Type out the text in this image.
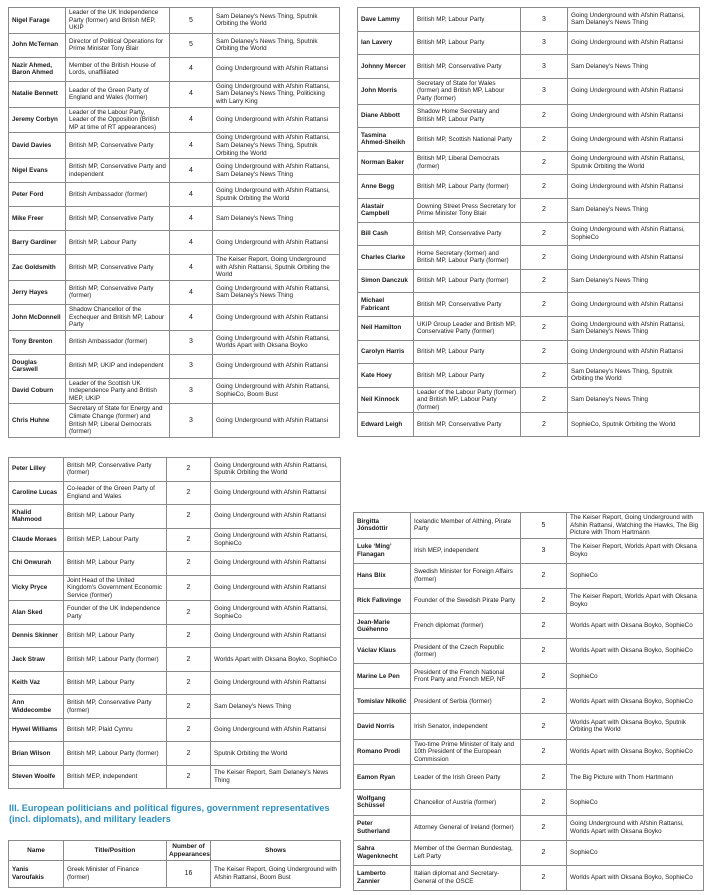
Nigel Farage	Leader of the UK Independence Party (former) and British MEP, UKIP	5	Sam Delaney's News Thing, Sputnik Orbiting the World
John McTernan	Director of Political Operations for Prime Minister Tony Blair	5	Sam Delaney's News Thing, Sputnik Orbiting the World
Nazir Ahmed, Baron Ahmed	Member of the British House of Lords, unaffiliated	4	Going Underground with Afshin Rattansi
Natalie Bennett	Leader of the Green Party of England and Wales (former)	4	Going Underground with Afshin Rattansi, Sam Delaney's News Thing, Politicking with Larry King
Jeremy Corbyn	Leader of the Labour Party, Leader of the Opposition (British MP at time of RT appearances)	4	Going Underground with Afshin Rattansi
David Davies	British MP, Conservative Party	4	Going Underground with Afshin Rattansi, Sam Delaney's News Thing, Sputnik Orbiting the World
Nigel Evans	British MP, Conservative Party and independent	4	Going Underground with Afshin Rattansi, Sam Delaney's News Thing
Peter Ford	British Ambassador (former)	4	Going Underground with Afshin Rattansi, Sputnik Orbiting the World
Mike Freer	British MP, Conservative Party	4	Sam Delaney's News Thing
Barry Gardiner	British MP, Labour Party	4	Going Underground with Afshin Rattansi
Zac Goldsmith	British MP, Conservative Party	4	The Keiser Report, Going Underground with Afshin Rattansi, Sputnik Orbiting the World
Jerry Hayes	British MP, Conservative Party (former)	4	Going Underground with Afshin Rattansi, Sam Delaney's News Thing
John McDonnell	Shadow Chancellor of the Exchequer and British MP, Labour Party	4	Going Underground with Afshin Rattansi
Tony Brenton	British Ambassador (former)	3	Going Underground with Afshin Rattansi, Worlds Apart with Oksana Boyko
Douglas Carswell	British MP, UKIP and independent	3	Going Underground with Afshin Rattansi
David Coburn	Leader of the Scottish UK Independence Party and British MEP, UKIP	3	Going Underground with Afshin Rattansi, SophieCo, Boom Bust
Chris Huhne	Secretary of State for Energy and Climate Change (former) and British MP, Liberal Democrats (former)	3	Going Underground with Afshin Rattansi
Dave Lammy	British MP, Labour Party	3	Going Underground with Afshin Rattansi, Sam Delaney's News Thing
Ian Lavery	British MP, Labour Party	3	Going Underground with Afshin Rattansi
Johnny Mercer	British MP, Conservative Party	3	Sam Delaney's News Thing
John Morris	Secretary of State for Wales (former) and British MP, Labour Party (former)	3	Going Underground with Afshin Rattansi
Diane Abbott	Shadow Home Secretary and British MP, Labour Party	2	Going Underground with Afshin Rattansi
Tasmina Ahmed-Sheikh	British MP, Scottish National Party	2	Going Underground with Afshin Rattansi
Norman Baker	British MP, Liberal Democrats (former)	2	Going Underground with Afshin Rattansi, Sputnik Orbiting the World
Anne Begg	British MP, Labour Party (former)	2	Going Underground with Afshin Rattansi
Alastair Campbell	Downing Street Press Secretary for Prime Minister Tony Blair	2	Sam Delaney's News Thing
Bill Cash	British MP, Conservative Party	2	Going Underground with Afshin Rattansi, SophieCo
Charles Clarke	Home Secretary (former) and British MP, Labour Party (former)	2	Going Underground with Afshin Rattansi
Simon Danczuk	British MP, Labour Party (former)	2	Sam Delaney's News Thing
Michael Fabricant	British MP, Conservative Party	2	Going Underground with Afshin Rattansi
Neil Hamilton	UKIP Group Leader and British MP, Conservative Party (former)	2	Going Underground with Afshin Rattansi, Sam Delaney's News Thing
Carolyn Harris	British MP, Labour Party	2	Going Underground with Afshin Rattansi
Kate Hoey	British MP, Labour Party	2	Sam Delaney's News Thing, Sputnik Orbiting the World
Neil Kinnock	Leader of the Labour Party (former) and British MP, Labour Party (former)	2	Sam Delaney's News Thing
Edward Leigh	British MP, Conservative Party	2	SophieCo, Sputnik Orbiting the World
Peter Lilley	British MP, Conservative Party (former)	2	Going Underground with Afshin Rattansi, Sputnik Orbiting the World
Caroline Lucas	Co-leader of the Green Party of England and Wales	2	Going Underground with Afshin Rattansi
Khalid Mahmood	British MP, Labour Party	2	Going Underground with Afshin Rattansi
Claude Moraes	British MEP, Labour Party	2	Going Underground with Afshin Rattansi, SophieCo
Chi Onwurah	British MP, Labour Party	2	Going Underground with Afshin Rattansi
Vicky Pryce	Joint Head of the United Kingdom's Government Economic Service (former)	2	Going Underground with Afshin Rattansi
Alan Sked	Founder of the UK Independence Party	2	Going Underground with Afshin Rattansi, SophieCo
Dennis Skinner	British MP, Labour Party	2	Going Underground with Afshin Rattansi
Jack Straw	British MP, Labour Party (former)	2	Worlds Apart with Oksana Boyko, SophieCo
Keith Vaz	British MP, Labour Party	2	Going Underground with Afshin Rattansi
Ann Widdecombe	British MP, Conservative Party (former)	2	Sam Delaney's News Thing
Hywel Williams	British MP, Plaid Cymru	2	Going Underground with Afshin Rattansi
Brian Wilson	British MP, Labour Party (former)	2	Sputnik Orbiting the World
Steven Woolfe	British MEP, independent	2	The Keiser Report, Sam Delaney's News Thing
Birgitta Jónsdóttir	Icelandic Member of Althing, Pirate Party	5	The Keiser Report, Going Underground with Afshin Rattansi, Watching the Hawks, The Big Picture with Thom Hartmann
Luke ‘Ming’ Flanagan	Irish MEP, independent	3	The Keiser Report, Worlds Apart with Oksana Boyko
Hans Blix	Swedish Minister for Foreign Affairs (former)	2	SophieCo
Rick Falkvinge	Founder of the Swedish Pirate Party	2	The Keiser Report, Worlds Apart with Oksana Boyko
Jean-Marie Guéhenno	French diplomat (former)	2	Worlds Apart with Oksana Boyko, SophieCo
Václav Klaus	President of the Czech Republic (former)	2	Worlds Apart with Oksana Boyko, SophieCo
Marine Le Pen	President of the French National Front Party and French MEP, NF	2	SophieCo
Tomislav Nikolić	President of Serbia (former)	2	Worlds Apart with Oksana Boyko, SophieCo
David Norris	Irish Senator, independent	2	Worlds Apart with Oksana Boyko, Sputnik Orbiting the World
Romano Prodi	Two-time Prime Minister of Italy and 10th President of the European Commission	2	Worlds Apart with Oksana Boyko, SophieCo
Eamon Ryan	Leader of the Irish Green Party	2	The Big Picture with Thom Hartmann
Wolfgang Schüssel	Chancellor of Austria (former)	2	SophieCo
Peter Sutherland	Attorney General of Ireland (former)	2	Going Underground with Afshin Rattansi, Worlds Apart with Oksana Boyko
Sahra Wagenknecht	Member of the German Bundestag, Left Party	2	SophieCo
Lamberto Zannier	Italian diplomat and Secretary-General of the OSCE	2	Worlds Apart with Oksana Boyko, SophieCo

III. European politicians and political figures, government representatives (incl. diplomats), and military leaders

Name	Title/Position	Number of Appearances	Shows
Yanis Varoufakis	Greek Minister of Finance (former)	16	The Keiser Report, Going Underground with Afshin Rattansi, Boom Bust
